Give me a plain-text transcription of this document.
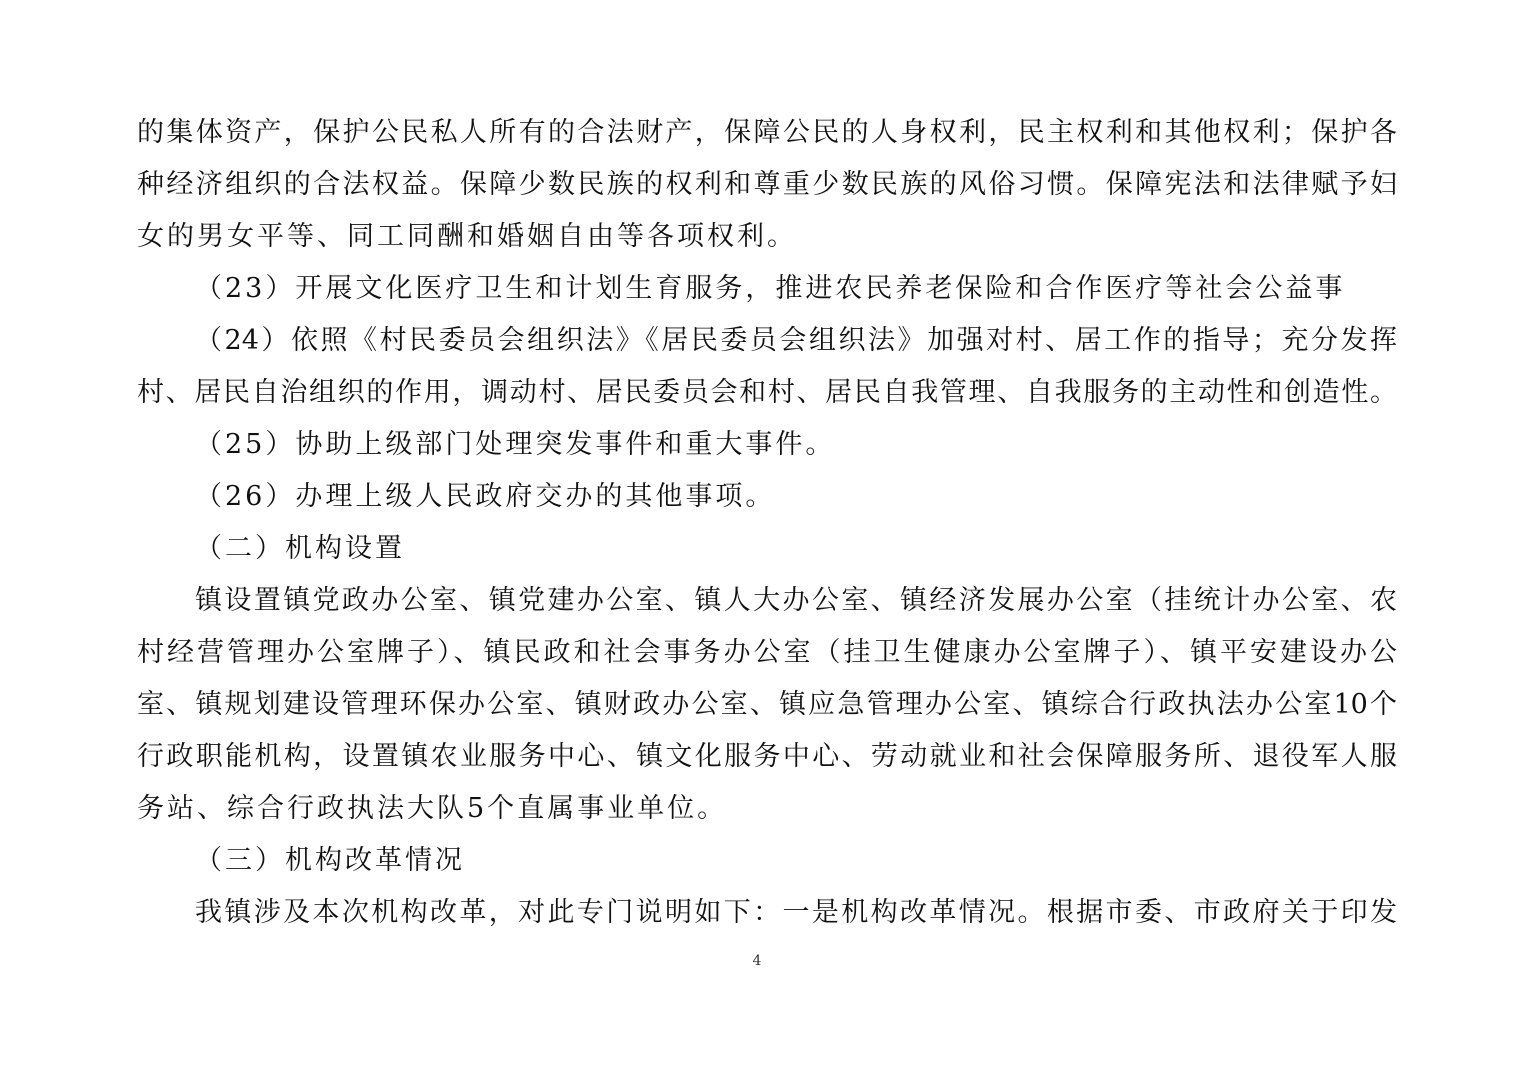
的集体资产，保护公民私人所有的合法财产，保障公民的人身权利，民主权利和其他权利；保护各
种经济组织的合法权益。保障少数民族的权利和尊重少数民族的风俗习惯。保障宪法和法律赋予妇
女的男女平等、同工同酬和婚姻自由等各项权利。
（23）开展文化医疗卫生和计划生育服务，推进农民养老保险和合作医疗等社会公益事
（24）依照《村民委员会组织法》《居民委员会组织法》加强对村、居工作的指导；充分发挥
村、居民自治组织的作用，调动村、居民委员会和村、居民自我管理、自我服务的主动性和创造性。
（25）协助上级部门处理突发事件和重大事件。
（26）办理上级人民政府交办的其他事项。
（二）机构设置
镇设置镇党政办公室、镇党建办公室、镇人大办公室、镇经济发展办公室（挂统计办公室、农
村经营管理办公室牌子）、镇民政和社会事务办公室（挂卫生健康办公室牌子）、镇平安建设办公
室、镇规划建设管理环保办公室、镇财政办公室、镇应急管理办公室、镇综合行政执法办公室10个
行政职能机构，设置镇农业服务中心、镇文化服务中心、劳动就业和社会保障服务所、退役军人服
务站、综合行政执法大队5个直属事业单位。
（三）机构改革情况
我镇涉及本次机构改革，对此专门说明如下：一是机构改革情况。根据市委、市政府关于印发
4
